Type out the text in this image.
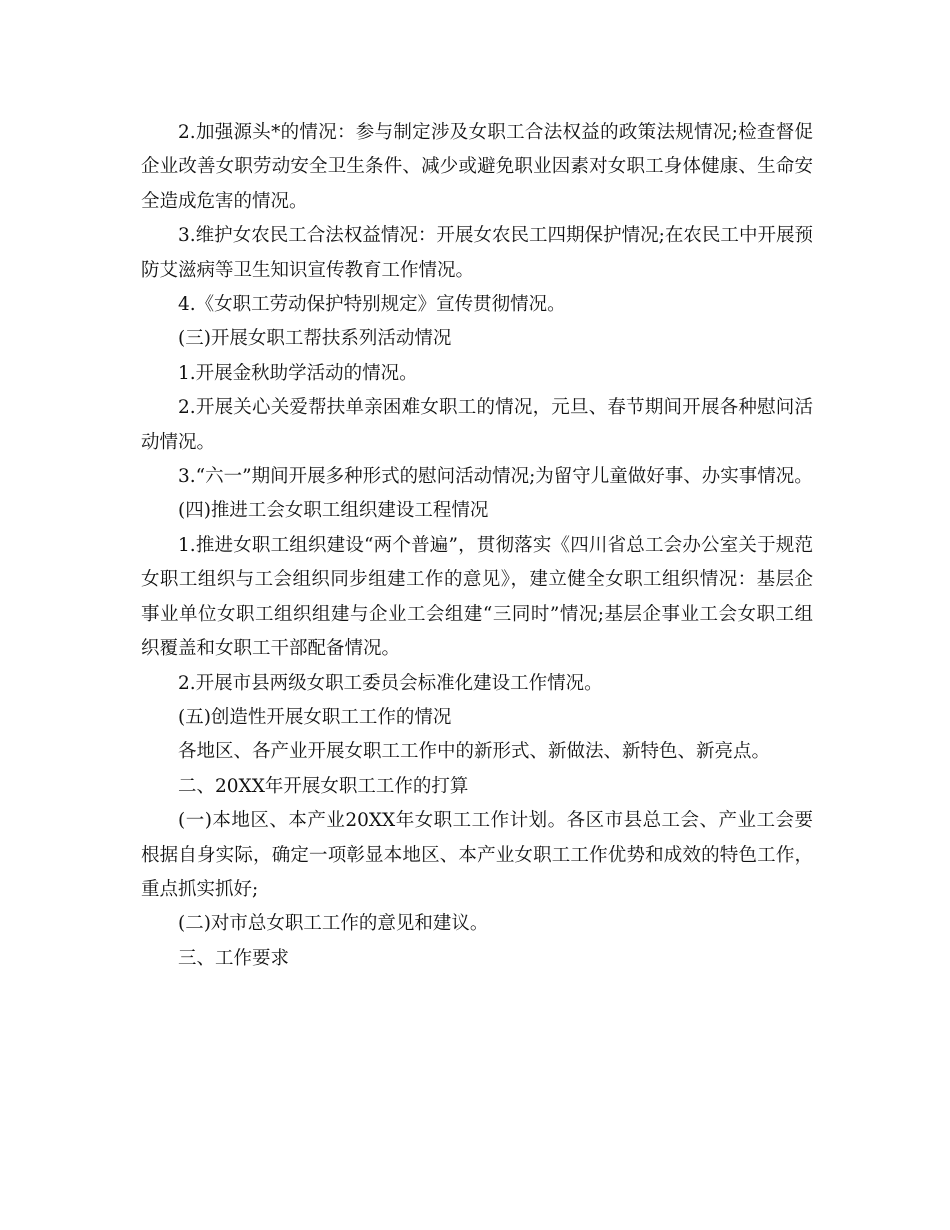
2.加强源头*的情况：参与制定涉及女职工合法权益的政策法规情况;检查督促企业改善女职劳动安全卫生条件、减少或避免职业因素对女职工身体健康、生命安全造成危害的情况。

3.维护女农民工合法权益情况：开展女农民工四期保护情况;在农民工中开展预防艾滋病等卫生知识宣传教育工作情况。

4.《女职工劳动保护特别规定》宣传贯彻情况。

(三)开展女职工帮扶系列活动情况

1.开展金秋助学活动的情况。

2.开展关心关爱帮扶单亲困难女职工的情况，元旦、春节期间开展各种慰问活动情况。

3.“六一”期间开展多种形式的慰问活动情况;为留守儿童做好事、办实事情况。

(四)推进工会女职工组织建设工程情况

1.推进女职工组织建设“两个普遍”，贯彻落实《四川省总工会办公室关于规范女职工组织与工会组织同步组建工作的意见》，建立健全女职工组织情况：基层企事业单位女职工组织组建与企业工会组建“三同时”情况;基层企事业工会女职工组织覆盖和女职工干部配备情况。

2.开展市县两级女职工委员会标准化建设工作情况。

(五)创造性开展女职工工作的情况

各地区、各产业开展女职工工作中的新形式、新做法、新特色、新亮点。

二、20XX年开展女职工工作的打算

(一)本地区、本产业20XX年女职工工作计划。各区市县总工会、产业工会要根据自身实际，确定一项彰显本地区、本产业女职工工作优势和成效的特色工作，重点抓实抓好;

(二)对市总女职工工作的意见和建议。

三、工作要求
